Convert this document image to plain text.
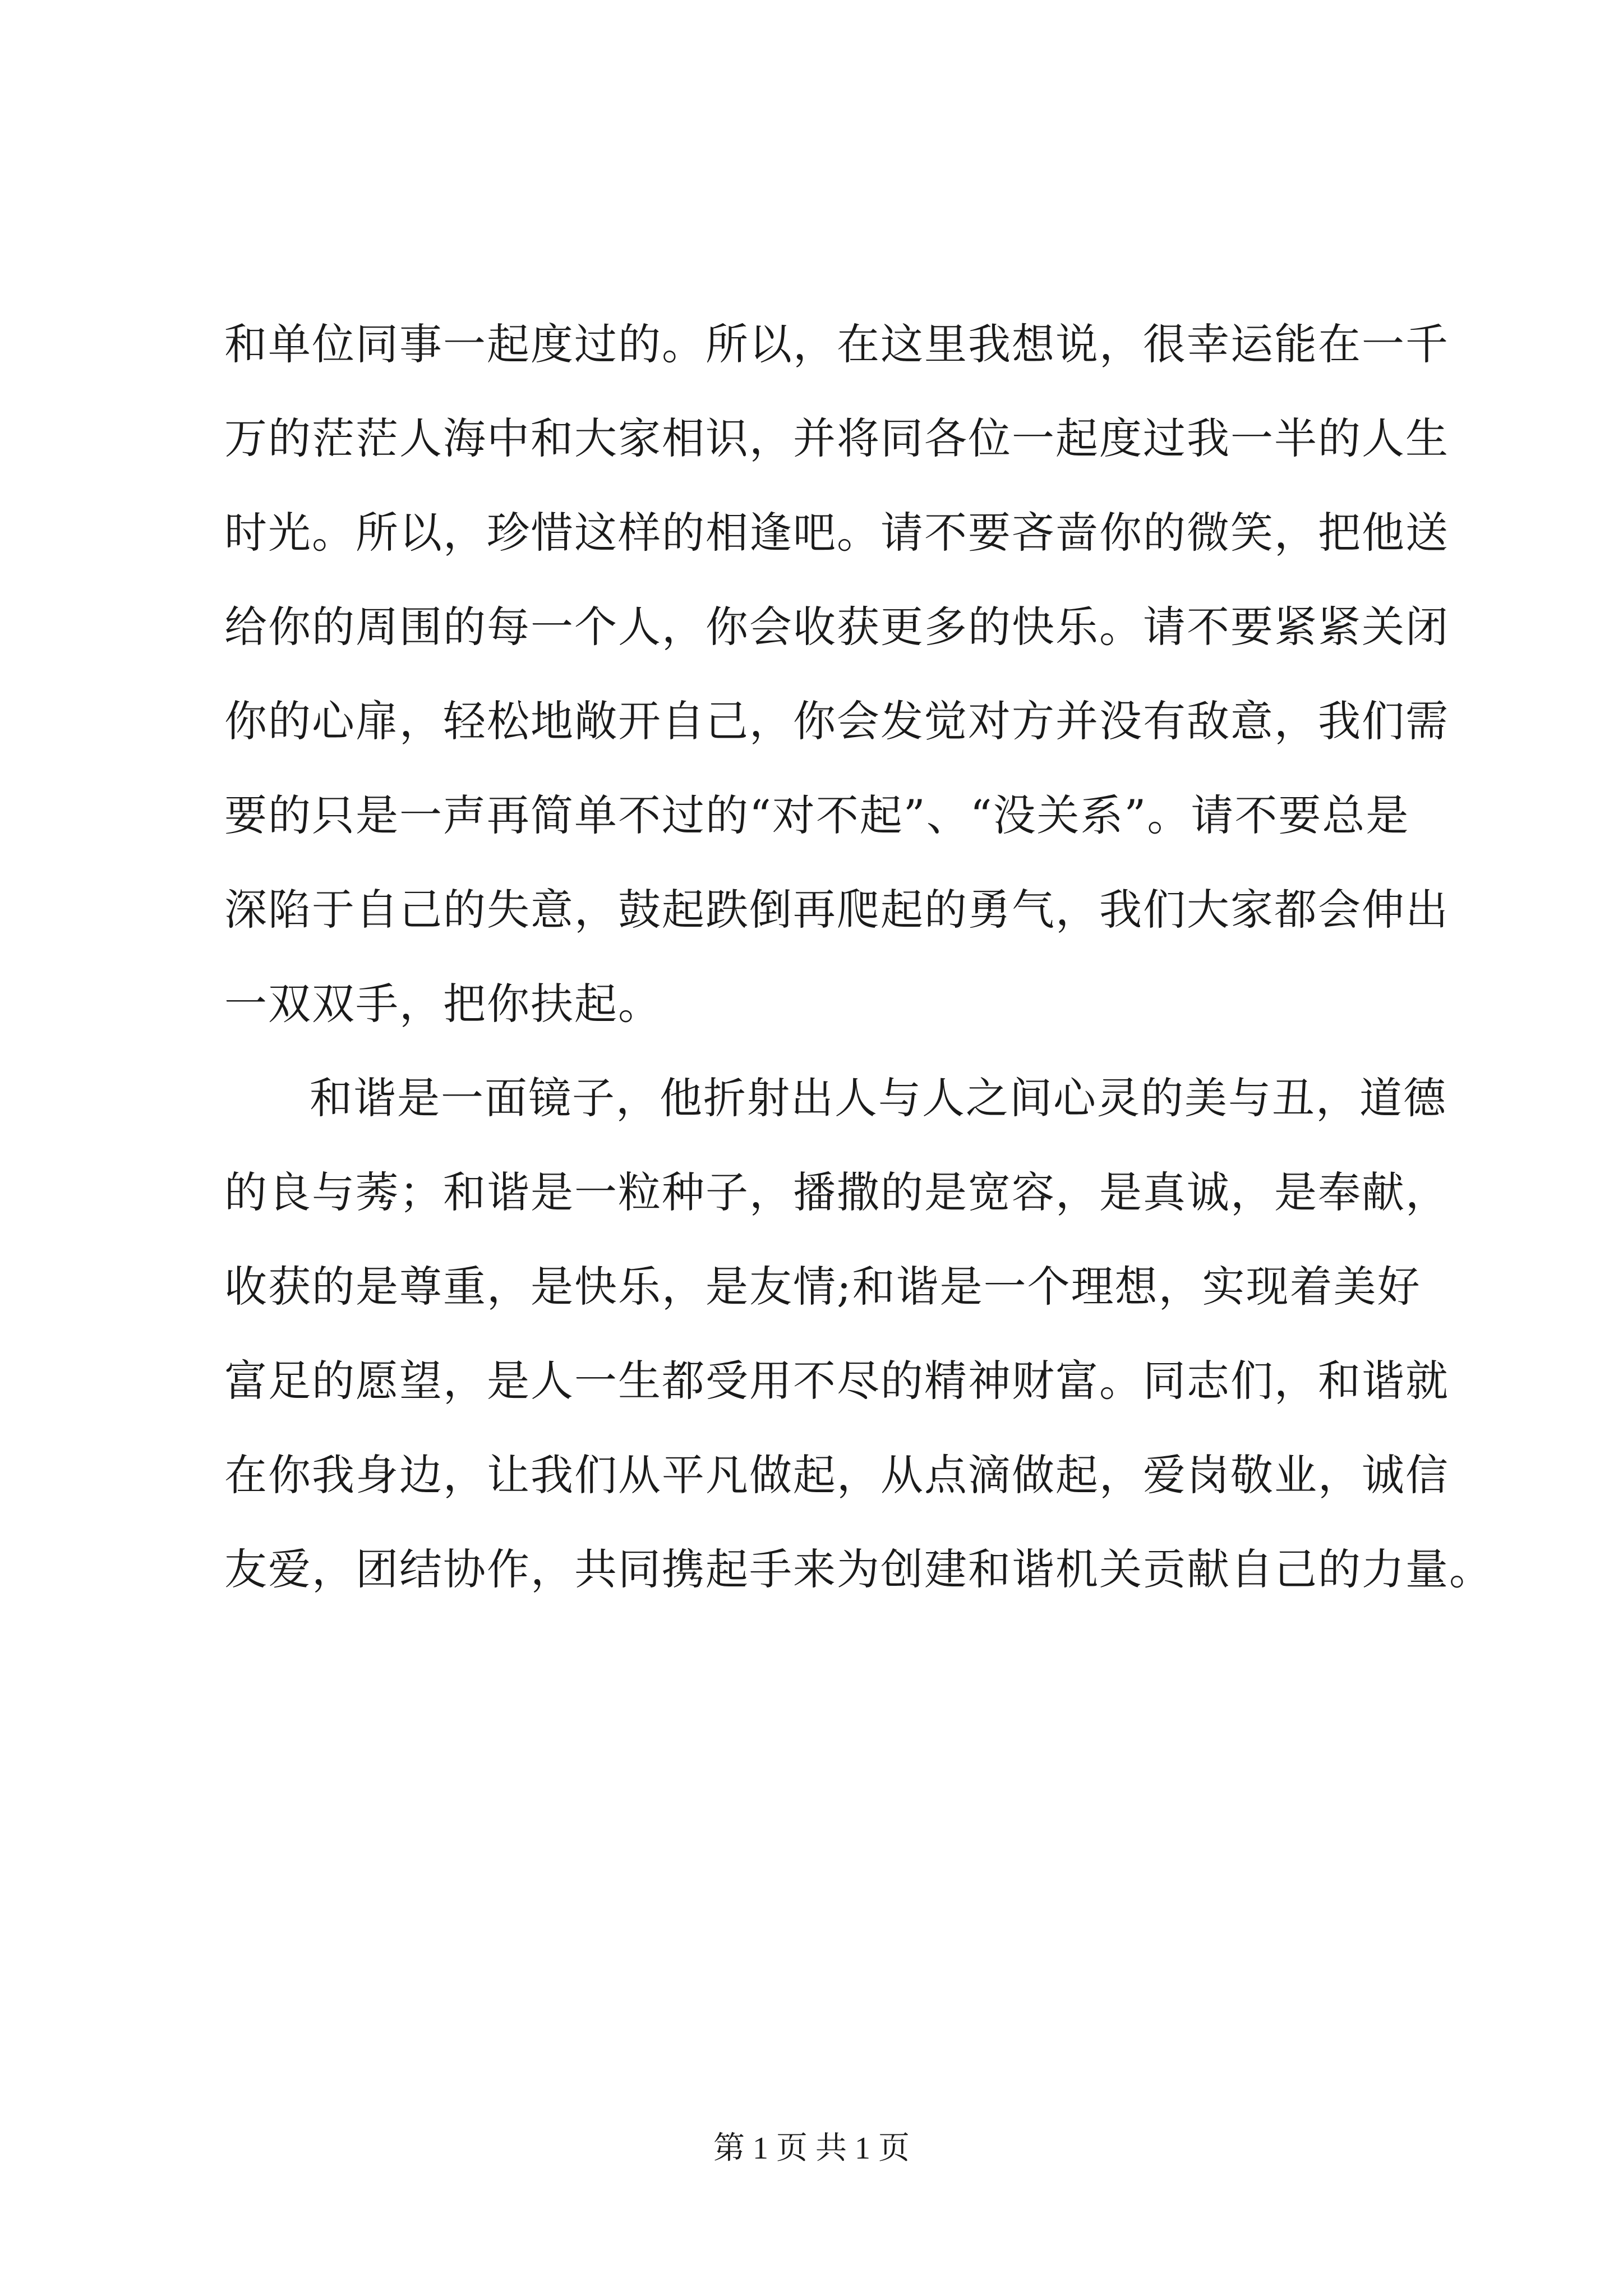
和单位同事一起度过的。所以，在这里我想说，很幸运能在一千
万的茫茫人海中和大家相识，并将同各位一起度过我一半的人生
时光。所以，珍惜这样的相逢吧。请不要吝啬你的微笑，把他送
给你的周围的每一个人，你会收获更多的快乐。请不要紧紧关闭
你的心扉，轻松地敞开自己，你会发觉对方并没有敌意，我们需
要的只是一声再简单不过的“对不起”、“没关系”。请不要总是
深陷于自己的失意，鼓起跌倒再爬起的勇气，我们大家都会伸出
一双双手，把你扶起。
和谐是一面镜子，他折射出人与人之间心灵的美与丑，道德
的良与莠；和谐是一粒种子，播撒的是宽容，是真诚，是奉献，
收获的是尊重，是快乐，是友情;和谐是一个理想，实现着美好
富足的愿望，是人一生都受用不尽的精神财富。同志们，和谐就
在你我身边，让我们从平凡做起，从点滴做起，爱岗敬业，诚信
友爱，团结协作，共同携起手来为创建和谐机关贡献自己的力量。
第 1 页 共 1 页
